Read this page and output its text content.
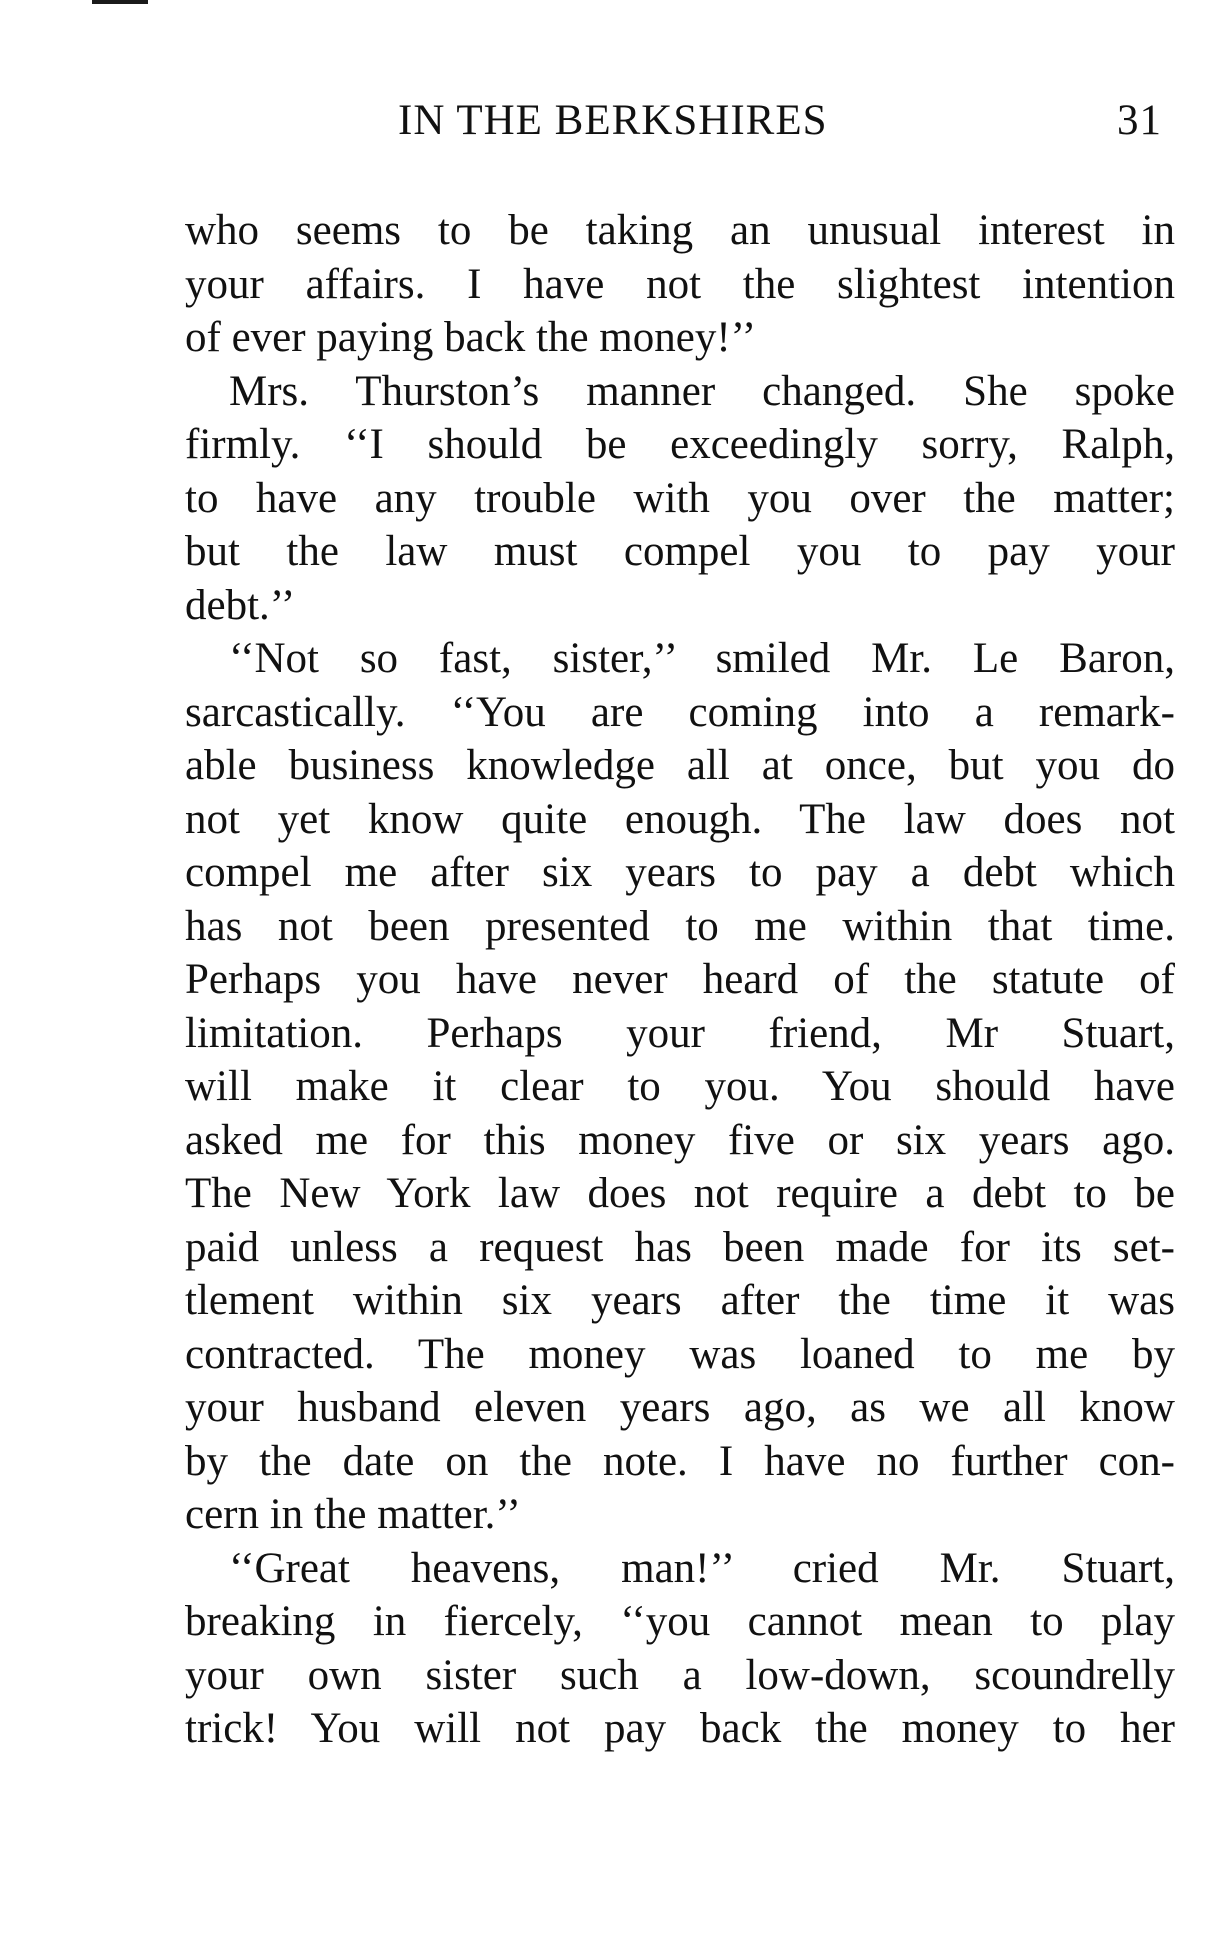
IN THE BERKSHIRES	31
who seems to be taking an unusual interest in
your affairs. I have not the slightest intention
of ever paying back the money!’’
Mrs. Thurston’s manner changed. She spoke
firmly. ‘‘I should be exceedingly sorry, Ralph,
to have any trouble with you over the matter;
but the law must compel you to pay your
debt.’’
‘‘Not so fast, sister,’’ smiled Mr. Le Baron,
sarcastically. ‘‘You are coming into a remark-
able business knowledge all at once, but you do
not yet know quite enough. The law does not
compel me after six years to pay a debt which
has not been presented to me within that time.
Perhaps you have never heard of the statute of
limitation. Perhaps your friend, Mr Stuart,
will make it clear to you. You should have
asked me for this money five or six years ago.
The New York law does not require a debt to be
paid unless a request has been made for its set-
tlement within six years after the time it was
contracted. The money was loaned to me by
your husband eleven years ago, as we all know
by the date on the note. I have no further con-
cern in the matter.’’
‘‘Great heavens, man!’’ cried Mr. Stuart,
breaking in fiercely, ‘‘you cannot mean to play
your own sister such a low-down, scoundrelly
trick! You will not pay back the money to her
